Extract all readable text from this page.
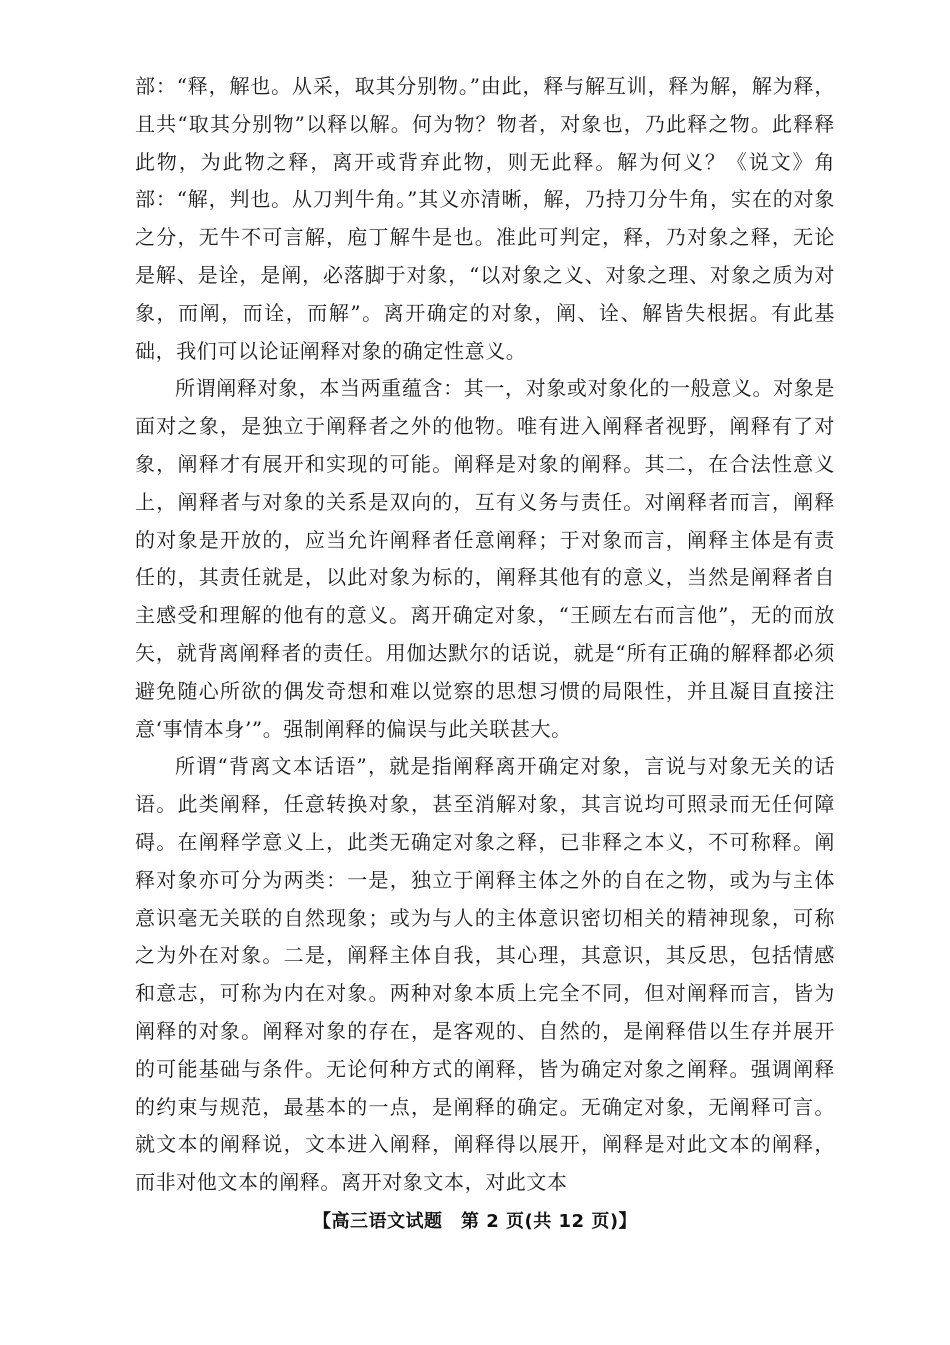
部：“释，解也。从采，取其分别物。”由此，释与解互训，释为解，解为释，且共“取其分别物”以释以解。何为物？物者，对象也，乃此释之物。此释释此物，为此物之释，离开或背弃此物，则无此释。解为何义？《说文》角部：“解，判也。从刀判牛角。”其义亦清晰，解，乃持刀分牛角，实在的对象之分，无牛不可言解，庖丁解牛是也。准此可判定，释，乃对象之释，无论是解、是诠，是阐，必落脚于对象，“以对象之义、对象之理、对象之质为对象，而阐，而诠，而解”。离开确定的对象，阐、诠、解皆失根据。有此基础，我们可以论证阐释对象的确定性意义。

所谓阐释对象，本当两重蕴含：其一，对象或对象化的一般意义。对象是面对之象，是独立于阐释者之外的他物。唯有进入阐释者视野，阐释有了对象，阐释才有展开和实现的可能。阐释是对象的阐释。其二，在合法性意义上，阐释者与对象的关系是双向的，互有义务与责任。对阐释者而言，阐释的对象是开放的，应当允许阐释者任意阐释；于对象而言，阐释主体是有责任的，其责任就是，以此对象为标的，阐释其他有的意义，当然是阐释者自主感受和理解的他有的意义。离开确定对象，“王顾左右而言他”，无的而放矢，就背离阐释者的责任。用伽达默尔的话说，就是“所有正确的解释都必须避免随心所欲的偶发奇想和难以觉察的思想习惯的局限性，并且凝目直接注意‘事情本身’”。强制阐释的偏误与此关联甚大。

所谓“背离文本话语”，就是指阐释离开确定对象，言说与对象无关的话语。此类阐释，任意转换对象，甚至消解对象，其言说均可照录而无任何障碍。在阐释学意义上，此类无确定对象之释，已非释之本义，不可称释。阐释对象亦可分为两类：一是，独立于阐释主体之外的自在之物，或为与主体意识毫无关联的自然现象；或为与人的主体意识密切相关的精神现象，可称之为外在对象。二是，阐释主体自我，其心理，其意识，其反思，包括情感和意志，可称为内在对象。两种对象本质上完全不同，但对阐释而言，皆为阐释的对象。阐释对象的存在，是客观的、自然的，是阐释借以生存并展开的可能基础与条件。无论何种方式的阐释，皆为确定对象之阐释。强调阐释的约束与规范，最基本的一点，是阐释的确定。无确定对象，无阐释可言。就文本的阐释说，文本进入阐释，阐释得以展开，阐释是对此文本的阐释，而非对他文本的阐释。离开对象文本，对此文本

【高三语文试题　第 2 页(共 12 页)】
